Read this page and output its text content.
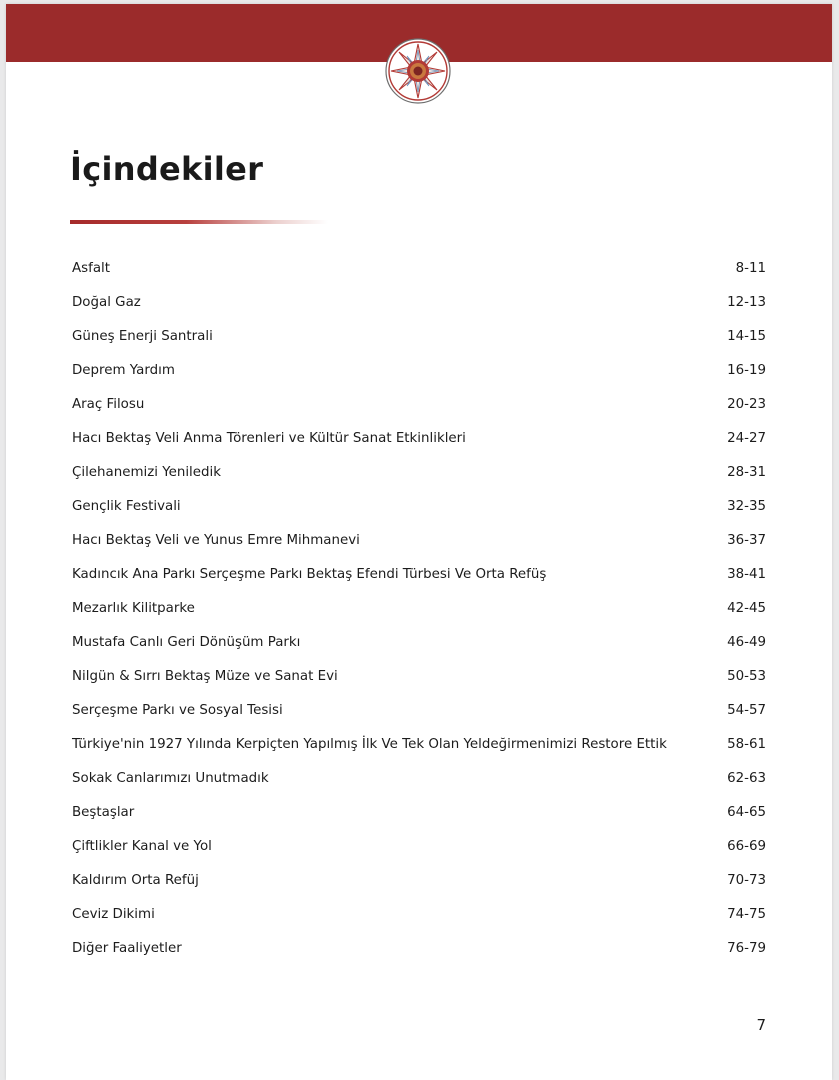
İçindekiler
Asfalt	8-11
Doğal Gaz	12-13
Güneş Enerji Santrali	14-15
Deprem Yardım	16-19
Araç Filosu	20-23
Hacı Bektaş Veli Anma Törenleri ve Kültür Sanat Etkinlikleri	24-27
Çilehanemizi Yeniledik	28-31
Gençlik Festivali	32-35
Hacı Bektaş Veli ve Yunus Emre Mihmanevi	36-37
Kadıncık Ana Parkı Serçeşme Parkı Bektaş Efendi Türbesi Ve Orta Refüş	38-41
Mezarlık Kilitparke	42-45
Mustafa Canlı Geri Dönüşüm Parkı	46-49
Nilgün & Sırrı Bektaş Müze ve Sanat Evi	50-53
Serçeşme Parkı ve Sosyal Tesisi	54-57
Türkiye'nin 1927 Yılında Kerpiçten Yapılmış İlk Ve Tek Olan Yeldeğirmenimizi Restore Ettik	58-61
Sokak Canlarımızı Unutmadık	62-63
Beştaşlar	64-65
Çiftlikler Kanal ve Yol	66-69
Kaldırım Orta Refüj	70-73
Ceviz Dikimi	74-75
Diğer Faaliyetler	76-79
7
